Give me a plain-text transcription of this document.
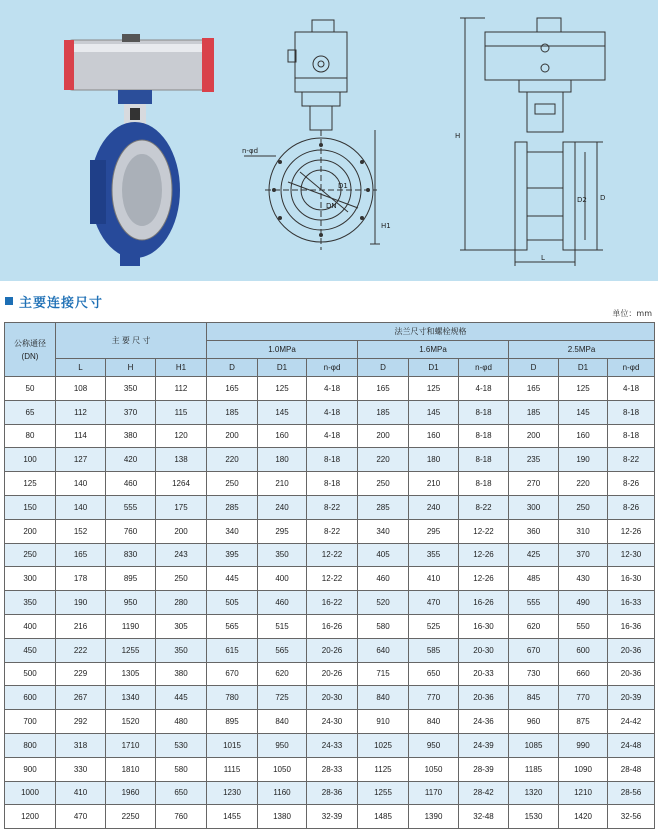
n-φd
D1
DN
H1
H
D2 D
L
主要连接尺寸
单位：mm
公称通径
(DN)	主 要 尺 寸			法兰尺寸和螺栓规格								
				1.0MPa			1.6MPa			2.5MPa		
	L	H	H1	D	D1	n-φd	D	D1	n-φd	D	D1	n-φd
50	108	350	112	165	125	4-18	165	125	4-18	165	125	4-18
65	112	370	115	185	145	4-18	185	145	8-18	185	145	8-18
80	114	380	120	200	160	4-18	200	160	8-18	200	160	8-18
100	127	420	138	220	180	8-18	220	180	8-18	235	190	8-22
125	140	460	1264	250	210	8-18	250	210	8-18	270	220	8-26
150	140	555	175	285	240	8-22	285	240	8-22	300	250	8-26
200	152	760	200	340	295	8-22	340	295	12-22	360	310	12-26
250	165	830	243	395	350	12-22	405	355	12-26	425	370	12-30
300	178	895	250	445	400	12-22	460	410	12-26	485	430	16-30
350	190	950	280	505	460	16-22	520	470	16-26	555	490	16-33
400	216	1190	305	565	515	16-26	580	525	16-30	620	550	16-36
450	222	1255	350	615	565	20-26	640	585	20-30	670	600	20-36
500	229	1305	380	670	620	20-26	715	650	20-33	730	660	20-36
600	267	1340	445	780	725	20-30	840	770	20-36	845	770	20-39
700	292	1520	480	895	840	24-30	910	840	24-36	960	875	24-42
800	318	1710	530	1015	950	24-33	1025	950	24-39	1085	990	24-48
900	330	1810	580	1115	1050	28-33	1125	1050	28-39	1185	1090	28-48
1000	410	1960	650	1230	1160	28-36	1255	1170	28-42	1320	1210	28-56
1200	470	2250	760	1455	1380	32-39	1485	1390	32-48	1530	1420	32-56
